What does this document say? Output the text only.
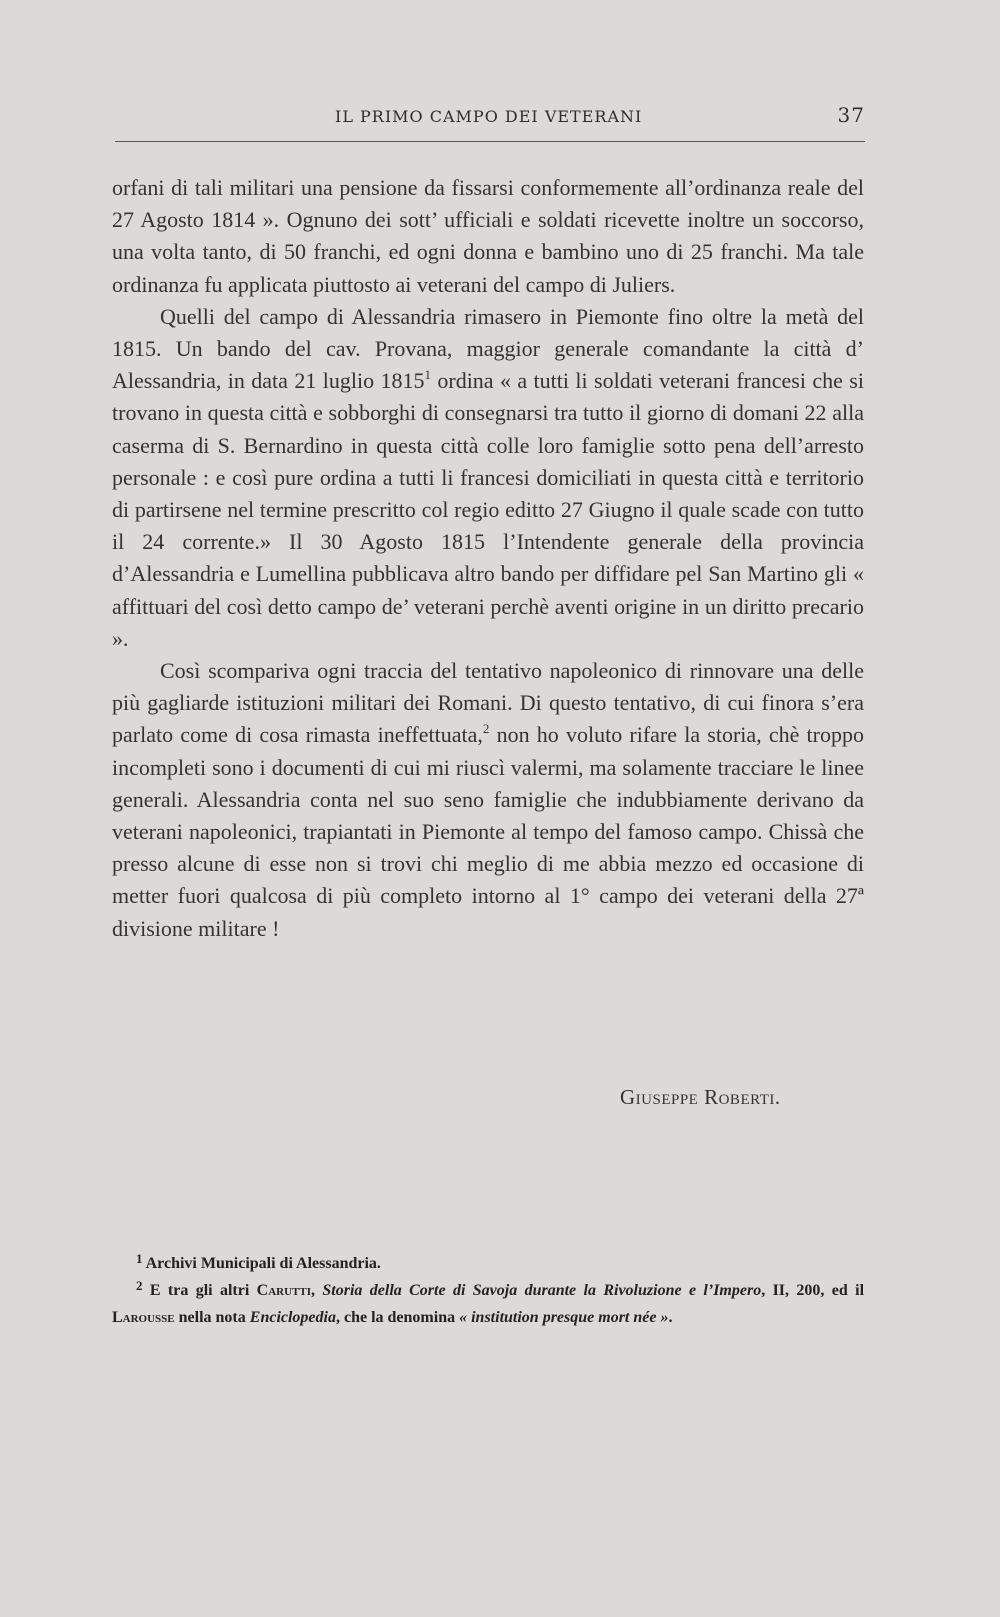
IL PRIMO CAMPO DEI VETERANI	37

orfani di tali militari una pensione da fissarsi conformemente all’ordinanza reale del 27 Agosto 1814 ». Ognuno dei sott’ ufficiali e soldati ricevette inoltre un soccorso, una volta tanto, di 50 franchi, ed ogni donna e bambino uno di 25 franchi. Ma tale ordinanza fu applicata piuttosto ai veterani del campo di Juliers.

Quelli del campo di Alessandria rimasero in Piemonte fino oltre la metà del 1815. Un bando del cav. Provana, maggior generale comandante la città d’ Alessandria, in data 21 luglio 1815$^1$ ordina « a tutti li soldati veterani francesi che si trovano in questa città e sobborghi di consegnarsi tra tutto il giorno di domani 22 alla caserma di S. Bernardino in questa città colle loro famiglie sotto pena dell’arresto personale : e così pure ordina a tutti li francesi domiciliati in questa città e territorio di partirsene nel termine prescritto col regio editto 27 Giugno il quale scade con tutto il 24 corrente.» Il 30 Agosto 1815 l’Intendente generale della provincia d’Alessandria e Lumellina pubblicava altro bando per diffidare pel San Martino gli « affittuari del così detto campo de’ veterani perchè aventi origine in un diritto precario ».

Così scompariva ogni traccia del tentativo napoleonico di rinnovare una delle più gagliarde istituzioni militari dei Romani. Di questo tentativo, di cui finora s’era parlato come di cosa rimasta ineffettuata,$^2$ non ho voluto rifare la storia, chè troppo incompleti sono i documenti di cui mi riuscì valermi, ma solamente tracciare le linee generali. Alessandria conta nel suo seno famiglie che indubbiamente derivano da veterani napoleonici, trapiantati in Piemonte al tempo del famoso campo. Chissà che presso alcune di esse non si trovi chi meglio di me abbia mezzo ed occasione di metter fuori qualcosa di più completo intorno al 1° campo dei veterani della 27ª divisione militare !

Giuseppe Roberti.

$^1$ Archivi Municipali di Alessandria.

$^2$ E tra gli altri Carutti, Storia della Corte di Savoja durante la Rivoluzione e l’Impero, II, 200, ed il Larousse nella nota Enciclopedia, che la denomina « institution presque mort née ».
